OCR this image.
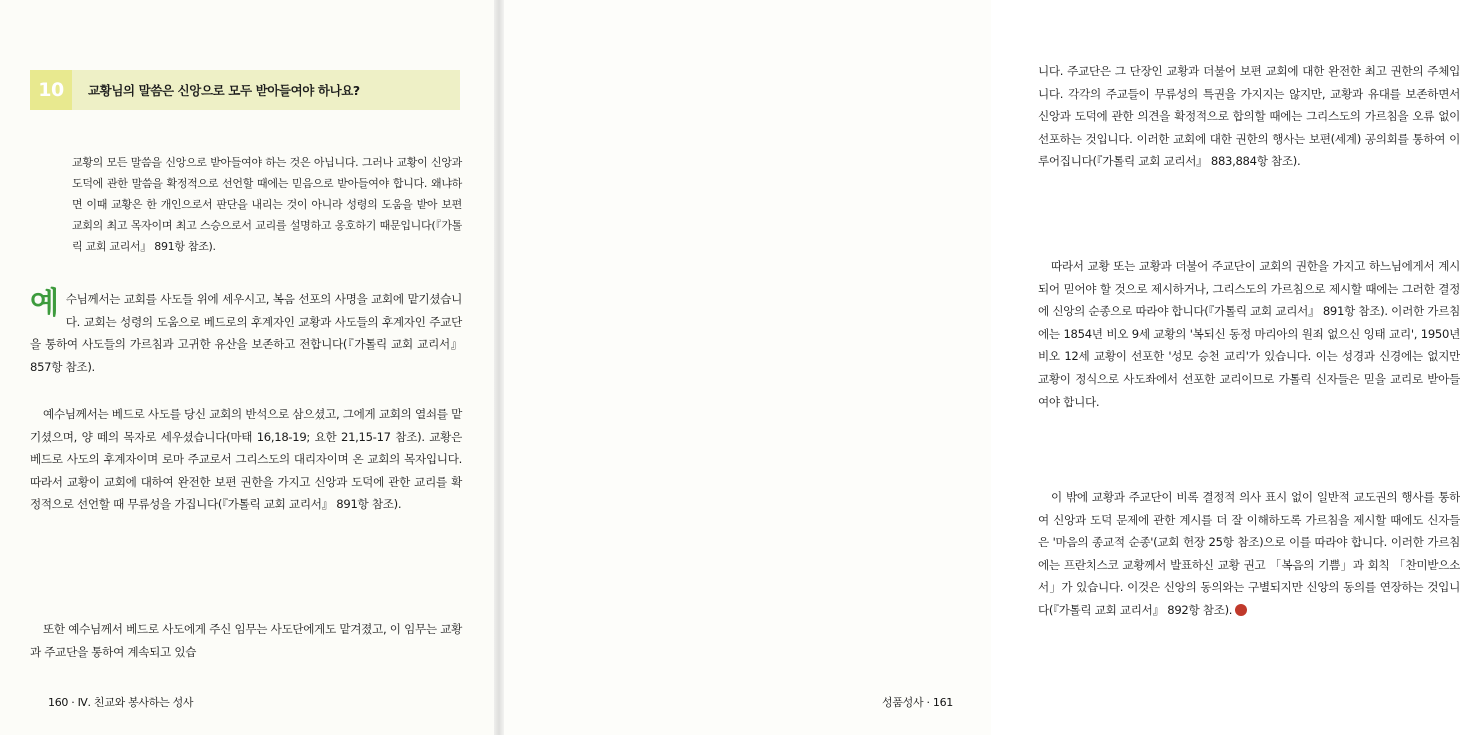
10 교황님의 말씀은 신앙으로 모두 받아들여야 하나요?
교황의 모든 말씀을 신앙으로 받아들여야 하는 것은 아닙니다. 그러나 교황이 신앙과 도덕에 관한 말씀을 확정적으로 선언할 때에는 믿음으로 받아들여야 합니다. 왜냐하면 이때 교황은 한 개인으로서 판단을 내리는 것이 아니라 성령의 도움을 받아 보편 교회의 최고 목자이며 최고 스승으로서 교리를 설명하고 옹호하기 때문입니다(『가톨릭 교회 교리서』 891항 참조).
예수님께서는 교회를 사도들 위에 세우시고, 복음 선포의 사명을 교회에 맡기셨습니다. 교회는 성령의 도움으로 베드로의 후계자인 교황과 사도들의 후계자인 주교단을 통하여 사도들의 가르침과 고귀한 유산을 보존하고 전합니다(『가톨릭 교회 교리서』 857항 참조).
예수님께서는 베드로 사도를 당신 교회의 반석으로 삼으셨고, 그에게 교회의 열쇠를 맡기셨으며, 양 떼의 목자로 세우셨습니다(마태 16,18-19; 요한 21,15-17 참조). 교황은 베드로 사도의 후계자이며 로마 주교로서 그리스도의 대리자이며 온 교회의 목자입니다. 따라서 교황이 교회에 대하여 완전한 보편 권한을 가지고 신앙과 도덕에 관한 교리를 확정적으로 선언할 때 무류성을 가집니다(『가톨릭 교회 교리서』 891항 참조).
또한 예수님께서 베드로 사도에게 주신 임무는 사도단에게도 맡겨졌고, 이 임무는 교황과 주교단을 통하여 계속되고 있습
160 · Ⅳ. 친교와 봉사하는 성사
니다. 주교단은 그 단장인 교황과 더불어 보편 교회에 대한 완전한 최고 권한의 주체입니다. 각각의 주교들이 무류성의 특권을 가지지는 않지만, 교황과 유대를 보존하면서 신앙과 도덕에 관한 의견을 확정적으로 합의할 때에는 그리스도의 가르침을 오류 없이 선포하는 것입니다. 이러한 교회에 대한 권한의 행사는 보편(세계) 공의회를 통하여 이루어집니다(『가톨릭 교회 교리서』 883,884항 참조).
따라서 교황 또는 교황과 더불어 주교단이 교회의 권한을 가지고 하느님에게서 계시되어 믿어야 할 것으로 제시하거나, 그리스도의 가르침으로 제시할 때에는 그러한 결정에 신앙의 순종으로 따라야 합니다(『가톨릭 교회 교리서』 891항 참조). 이러한 가르침에는 1854년 비오 9세 교황의 '복되신 동정 마리아의 원죄 없으신 잉태 교리', 1950년 비오 12세 교황이 선포한 '성모 승천 교리'가 있습니다. 이는 성경과 신경에는 없지만 교황이 정식으로 사도좌에서 선포한 교리이므로 가톨릭 신자들은 믿을 교리로 받아들여야 합니다.
이 밖에 교황과 주교단이 비록 결정적 의사 표시 없이 일반적 교도권의 행사를 통하여 신앙과 도덕 문제에 관한 계시를 더 잘 이해하도록 가르침을 제시할 때에도 신자들은 '마음의 종교적 순종'(교회 헌장 25항 참조)으로 이를 따라야 합니다. 이러한 가르침에는 프란치스코 교황께서 발표하신 교황 권고 「복음의 기쁨」과 회칙 「찬미받으소서」가 있습니다. 이것은 신앙의 동의와는 구별되지만 신앙의 동의를 연장하는 것입니다(『가톨릭 교회 교리서』 892항 참조). ✚
성품성사 · 161
